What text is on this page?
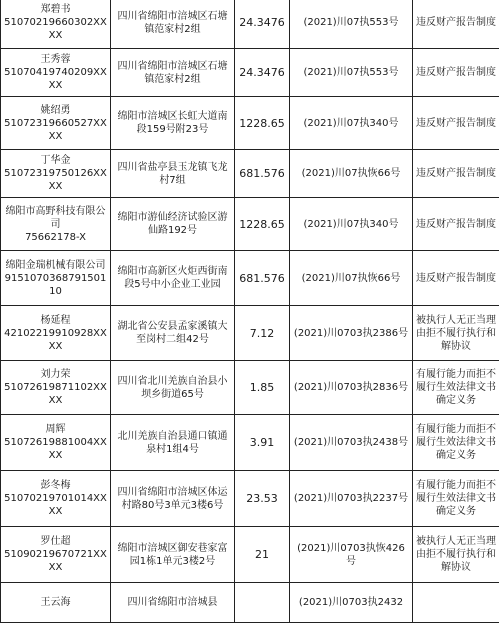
郑碧书
51070219660302XXXX	四川省绵阳市涪城区石塘镇范家村2组	24.3476	(2021)川07执553号	违反财产报告制度

王秀蓉
51070419740209XXXX	四川省绵阳市涪城区石塘镇范家村2组	24.3476	(2021)川07执553号	违反财产报告制度

姚绍勇
51072319660527XXXX	绵阳市涪城区长虹大道南段159号附23号	1228.65	(2021)川07执340号	违反财产报告制度

丁华金
51072319750126XXXX	四川省盐亭县玉龙镇飞龙村7组	681.576	(2021)川07执恢66号	违反财产报告制度

绵阳市高野科技有限公司
75662178-X	绵阳市游仙经济试验区游仙路192号	1228.65	(2021)川07执340号	违反财产报告制度

绵阳金瑞机械有限公司
915107036879150110	绵阳市高新区火炬西街南段5号中小企业工业园	681.576	(2021)川07执恢66号	违反财产报告制度

杨延程
42102219910928XXXX	湖北省公安县孟家溪镇大至岗村二组42号	7.12	(2021)川0703执2386号	被执行人无正当理由拒不履行执行和解协议

刘力荣
51072619871102XXXX	四川省北川羌族自治县小坝乡街道65号	1.85	(2021)川0703执2836号	有履行能力而拒不履行生效法律文书确定义务

周辉
51072619881004XXXX	北川羌族自治县通口镇通泉村1组4号	3.91	(2021)川0703执2438号	有履行能力而拒不履行生效法律文书确定义务

彭冬梅
51070219701014XXXX	四川省绵阳市涪城区体运村路80号3单元3楼6号	23.53	(2021)川0703执2237号	有履行能力而拒不履行生效法律文书确定义务

罗仕超
51090219670721XXXX	绵阳市涪城区御安巷家富园1栋1单元3楼2号	21	(2021)川0703执恢426号	被执行人无正当理由拒不履行执行和解协议

王云海	四川省绵阳市涪城县		(2021)川0703执2432	
